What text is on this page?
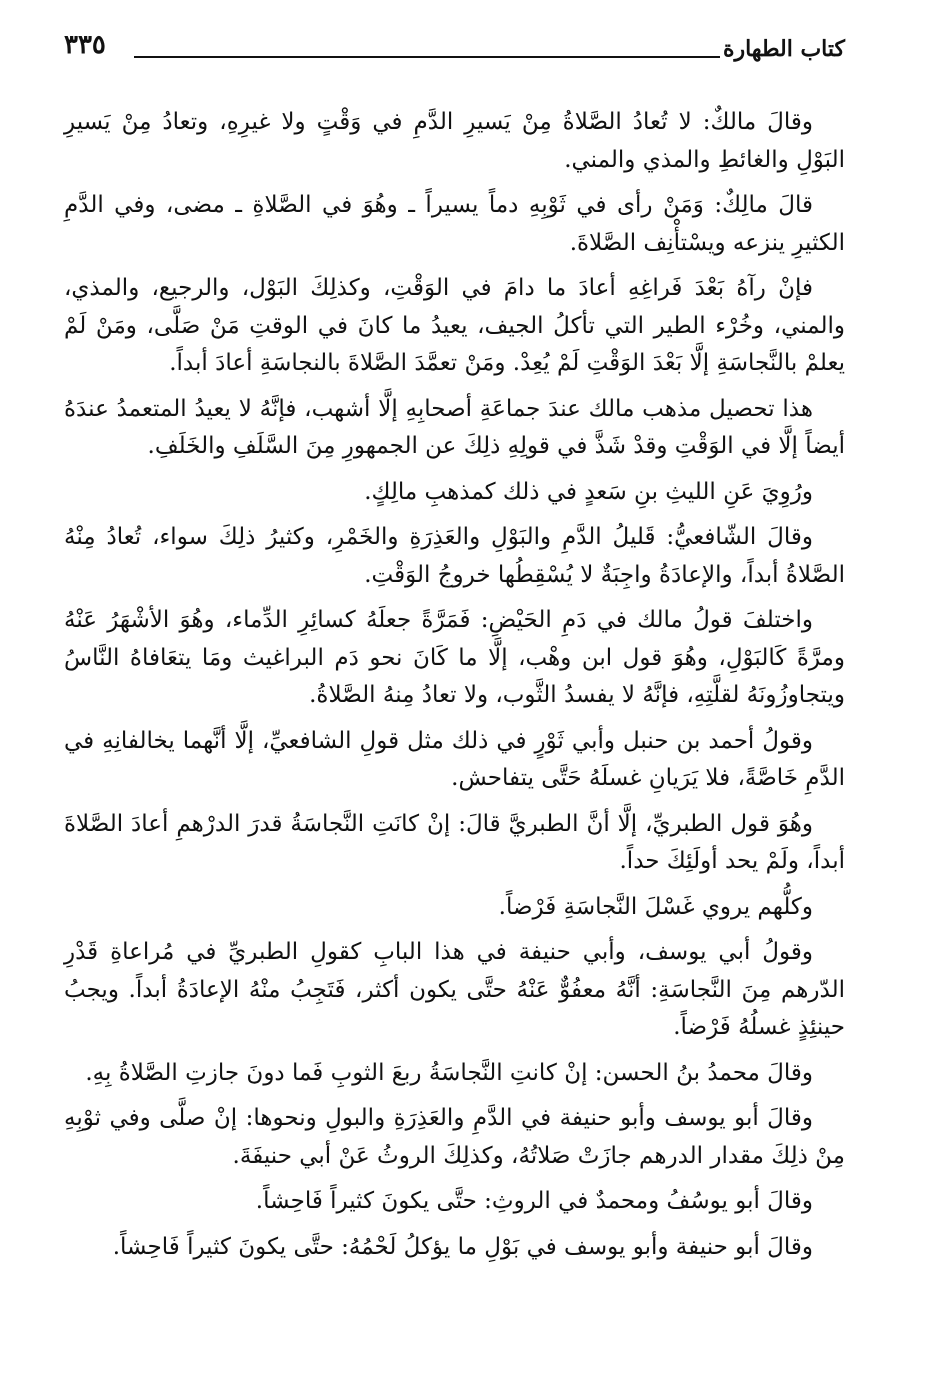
كتاب الطهارة
٣٣٥

وقالَ مالكٌ: لا تُعادُ الصَّلاةُ مِنْ يَسيرِ الدَّمِ في وَقْتٍ ولا غيرِهِ، وتعادُ مِنْ يَسيرِ البَوْلِ والغائطِ والمذي والمني.

قالَ مالِكٌ: وَمَنْ رأى في ثَوْبِهِ دماً يسيراً ـ وهُوَ في الصَّلاةِ ـ مضى، وفي الدَّمِ الكثيرِ ينزعه ويسْتأْنِف الصَّلاةَ.

فإنْ رآهُ بَعْدَ فَراغِهِ أعادَ ما دامَ في الوَقْتِ، وكذلِكَ البَوْل، والرجيع، والمذي، والمني، وخُرْء الطير التي تأكلُ الجيف، يعيدُ ما كانَ في الوقتِ مَنْ صَلَّى، ومَنْ لَمْ يعلمْ بالنَّجاسَةِ إلَّا بَعْدَ الوَقْتِ لَمْ يُعِدْ. ومَنْ تعمَّدَ الصَّلاةَ بالنجاسَةِ أعادَ أبداً.

هذا تحصيل مذهب مالك عندَ جماعَةِ أصحابِهِ إلَّا أشهب، فإنَّهُ لا يعيدُ المتعمدُ عندَهُ أيضاً إلَّا في الوَقْتِ وقدْ شَذَّ في قولِهِ ذلِكَ عن الجمهورِ مِنَ السَّلَفِ والخَلَفِ.

ورُوِيَ عَنِ الليثِ بنِ سَعدٍ في ذلك كمذهبِ مالِكٍ.

وقالَ الشّافعيُّ: قَليلُ الدَّمِ والبَوْلِ والعَذِرَةِ والخَمْرِ، وكثيرُ ذلِكَ سواء، تُعادُ مِنْهُ الصَّلاةُ أبداً، والإعادَةُ واجِبَةٌ لا يُسْقِطُها خروجُ الوَقْتِ.

واختلفَ قولُ مالك في دَمِ الحَيْضِ: فَمَرَّةً جعلَهُ كسائِرِ الدِّماء، وهُوَ الأشْهَرُ عَنْهُ ومرَّةً كَالبَوْلِ، وهُوَ قول ابن وهْب، إلَّا ما كَانَ نحو دَم البراغيث ومَا يتعَافاهُ النَّاسُ ويتجاوزُونَهُ لقلَّتِهِ، فإنَّهُ لا يفسدُ الثَّوب، ولا تعادُ مِنهُ الصَّلاةُ.

وقولُ أحمد بن حنبل وأبي ثَوْرٍ في ذلك مثل قولِ الشافعيِّ، إلَّا أنَّهما يخالفانِهِ في الدَّمِ خَاصَّةً، فلا يَرَيانِ غسلَهُ حَتَّى يتفاحش.

وهُوَ قول الطبريِّ، إلَّا أنَّ الطبريَّ قالَ: إنْ كانَتِ النَّجاسَةُ قدرَ الدرْهمِ أعادَ الصَّلاةَ أبداً، ولَمْ يحد أولَئِكَ حداً.

وكلُّهم يروي غَسْلَ النَّجاسَةِ فَرْضاً.

وقولُ أبي يوسف، وأبي حنيفة في هذا البابِ كقولِ الطبريِّ في مُراعاةِ قَدْرِ الدّرهم مِنَ النَّجاسَةِ: أنَّهُ معفُوٌّ عَنْهُ حتَّى يكون أكثر، فَتَجِبُ منْهُ الإعادَةُ أبداً. ويجبُ حينئِذٍ غسلُهُ فَرْضاً.

وقالَ محمدُ بنُ الحسن: إنْ كانتِ النَّجاسَةُ ربعَ الثوبِ فَما دونَ جازتِ الصَّلاةُ بِهِ.

وقالَ أبو يوسف وأبو حنيفة في الدَّمِ والعَذِرَةِ والبولِ ونحوها: إنْ صلَّى وفي ثوْبِهِ مِنْ ذلِكَ مقدار الدرهم جازَتْ صَلاتُهُ، وكذلِكَ الروثُ عَنْ أبي حنيفَةَ.

وقالَ أبو يوسُفُ ومحمدٌ في الروثِ: حتَّى يكونَ كثيراً فَاحِشاً.

وقالَ أبو حنيفة وأبو يوسف في بَوْلِ ما يؤكلُ لَحْمُهُ: حتَّى يكونَ كثيراً فَاحِشاً.
